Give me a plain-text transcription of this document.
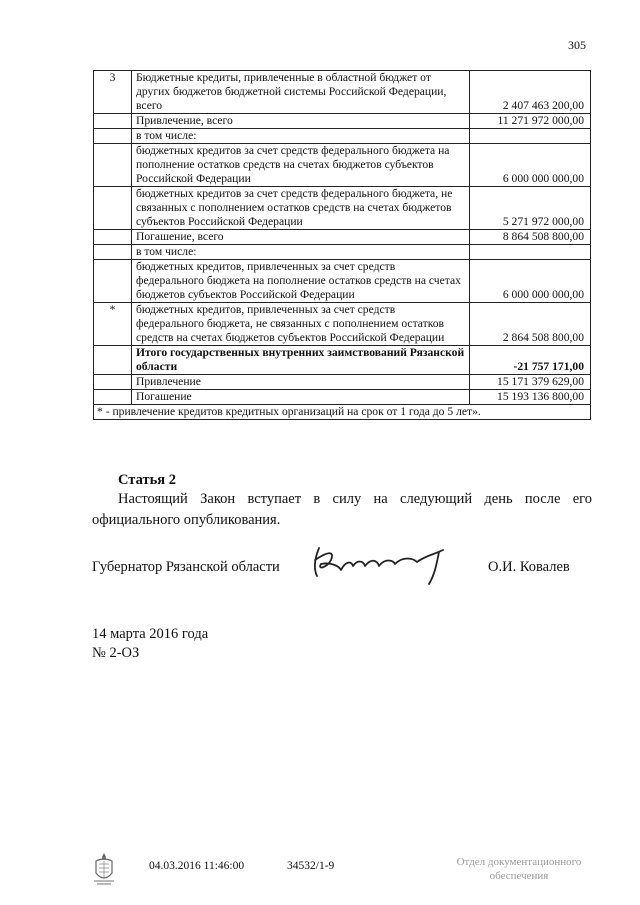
305
3	Бюджетные кредиты, привлеченные в областной бюджет от других бюджетов бюджетной системы Российской Федерации, всего	2 407 463 200,00
	Привлечение, всего	11 271 972 000,00
	в том числе:	
	бюджетных кредитов за счет средств федерального бюджета на пополнение остатков средств на счетах бюджетов субъектов Российской Федерации	6 000 000 000,00
	бюджетных кредитов за счет средств федерального бюджета, не связанных с пополнением остатков средств на счетах бюджетов субъектов Российской Федерации	5 271 972 000,00
	Погашение, всего	8 864 508 800,00
	в том числе:	
	бюджетных кредитов, привлеченных за счет средств федерального бюджета на пополнение остатков средств на счетах бюджетов субъектов Российской Федерации	6 000 000 000,00
*	бюджетных кредитов, привлеченных за счет средств федерального бюджета, не связанных с пополнением остатков средств на счетах бюджетов субъектов Российской Федерации	2 864 508 800,00
	Итого государственных внутренних заимствований Рязанской области	-21 757 171,00
	Привлечение	15 171 379 629,00
	Погашение	15 193 136 800,00
* - привлечение кредитов кредитных организаций на срок от 1 года до 5 лет».		
Статья 2
Настоящий Закон вступает в силу на следующий день после его официального опубликования.
Губернатор Рязанской области	О.И. Ковалев
14 марта 2016 года
№ 2-ОЗ
04.03.2016 11:46:00	34532/1-9	Отдел документационного
обеспечения
